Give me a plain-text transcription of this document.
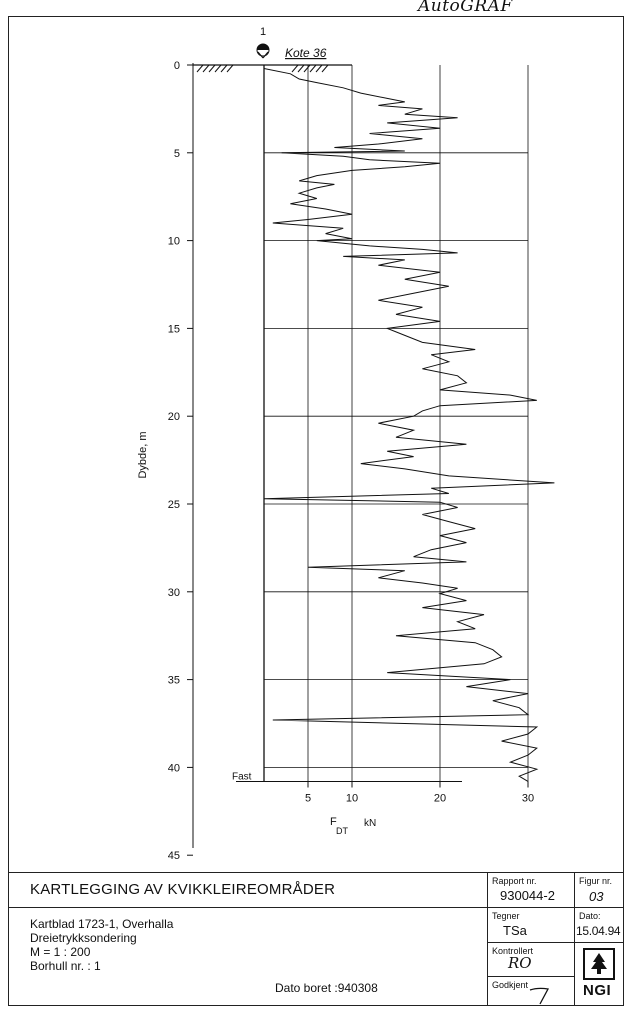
AutoGRAF
0
5
10
15
20
25
30
35
40
45
Dybde, m
1
Kote 36
5	10	20	30
F
DT
kN
Fast
KARTLEGGING AV KVIKKLEIREOMRÅDER
Kartblad 1723-1, Overhalla
Dreietrykksondering
M = 1 : 200
Borhull nr. : 1
Dato boret :940308
Rapport nr.
930044-2
Figur nr.
03
Tegner
TSa
Dato:
15.04.94
Kontrollert
RO
Godkjent	NGI
